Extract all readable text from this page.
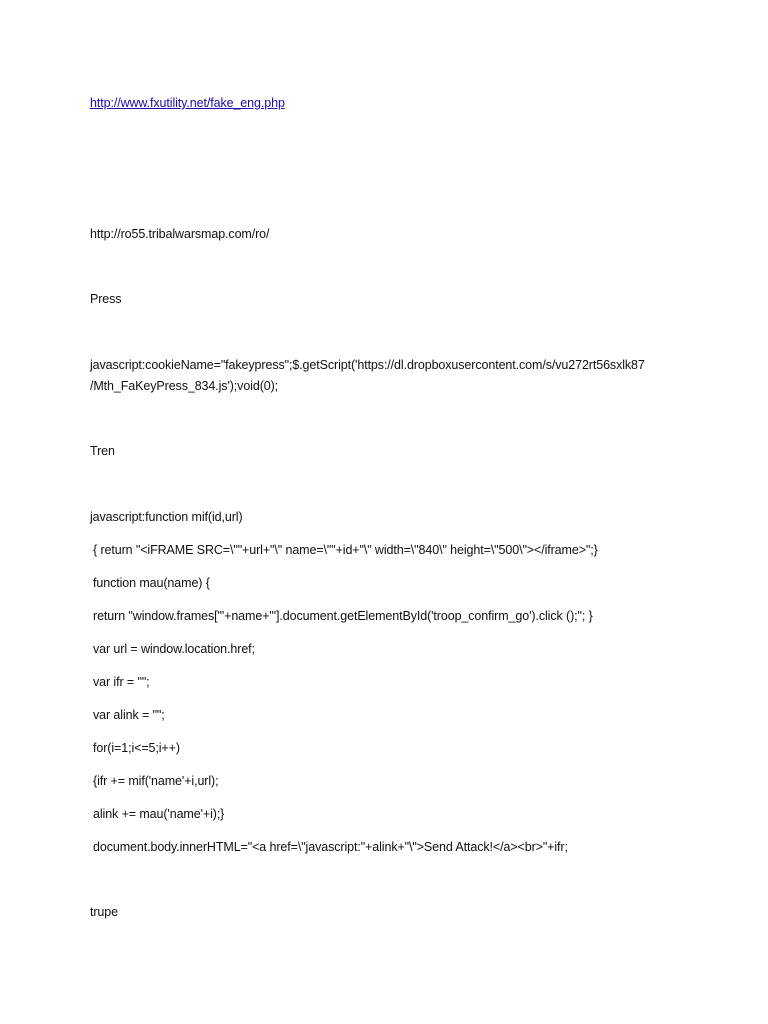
http://www.fxutility.net/fake_eng.php
http://ro55.tribalwarsmap.com/ro/
Press
javascript:cookieName="fakeypress";$.getScript('https://dl.dropboxusercontent.com/s/vu272rt56sxlk87
/Mth_FaKeyPress_834.js');void(0);
Tren
javascript:function mif(id,url)
{ return "<iFRAME SRC=\""+url+"\" name=\""+id+"\" width=\"840\" height=\"500\"></iframe>";}
function mau(name) {
return "window.frames['"+name+"'].document.getElementById('troop_confirm_go').click ();"; }
var url = window.location.href;
var ifr = "";
var alink = "";
for(i=1;i<=5;i++)
{ifr += mif('name'+i,url);
alink += mau('name'+i);}
document.body.innerHTML="<a href=\"javascript:"+alink+"\">Send Attack!</a><br>"+ifr;
trupe
